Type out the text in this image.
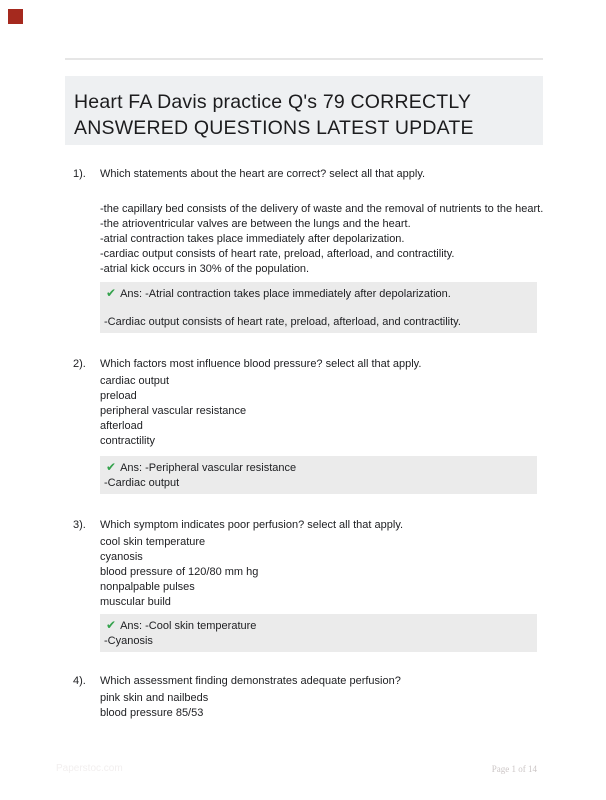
Heart FA Davis practice Q's 79 CORRECTLY
ANSWERED QUESTIONS LATEST UPDATE
1). Which statements about the heart are correct? select all that apply.
-the capillary bed consists of the delivery of waste and the removal of nutrients to the heart.
-the atrioventricular valves are between the lungs and the heart.
-atrial contraction takes place immediately after depolarization.
-cardiac output consists of heart rate, preload, afterload, and contractility.
-atrial kick occurs in 30% of the population.
✔ Ans: -Atrial contraction takes place immediately after depolarization.
-Cardiac output consists of heart rate, preload, afterload, and contractility.
2). Which factors most influence blood pressure? select all that apply.
cardiac output
preload
peripheral vascular resistance
afterload
contractility
✔ Ans: -Peripheral vascular resistance
-Cardiac output
3). Which symptom indicates poor perfusion? select all that apply.
cool skin temperature
cyanosis
blood pressure of 120/80 mm hg
nonpalpable pulses
muscular build
✔ Ans: -Cool skin temperature
-Cyanosis
4). Which assessment finding demonstrates adequate perfusion?
pink skin and nailbeds
blood pressure 85/53
Paperstoc.com	Page 1 of 14
